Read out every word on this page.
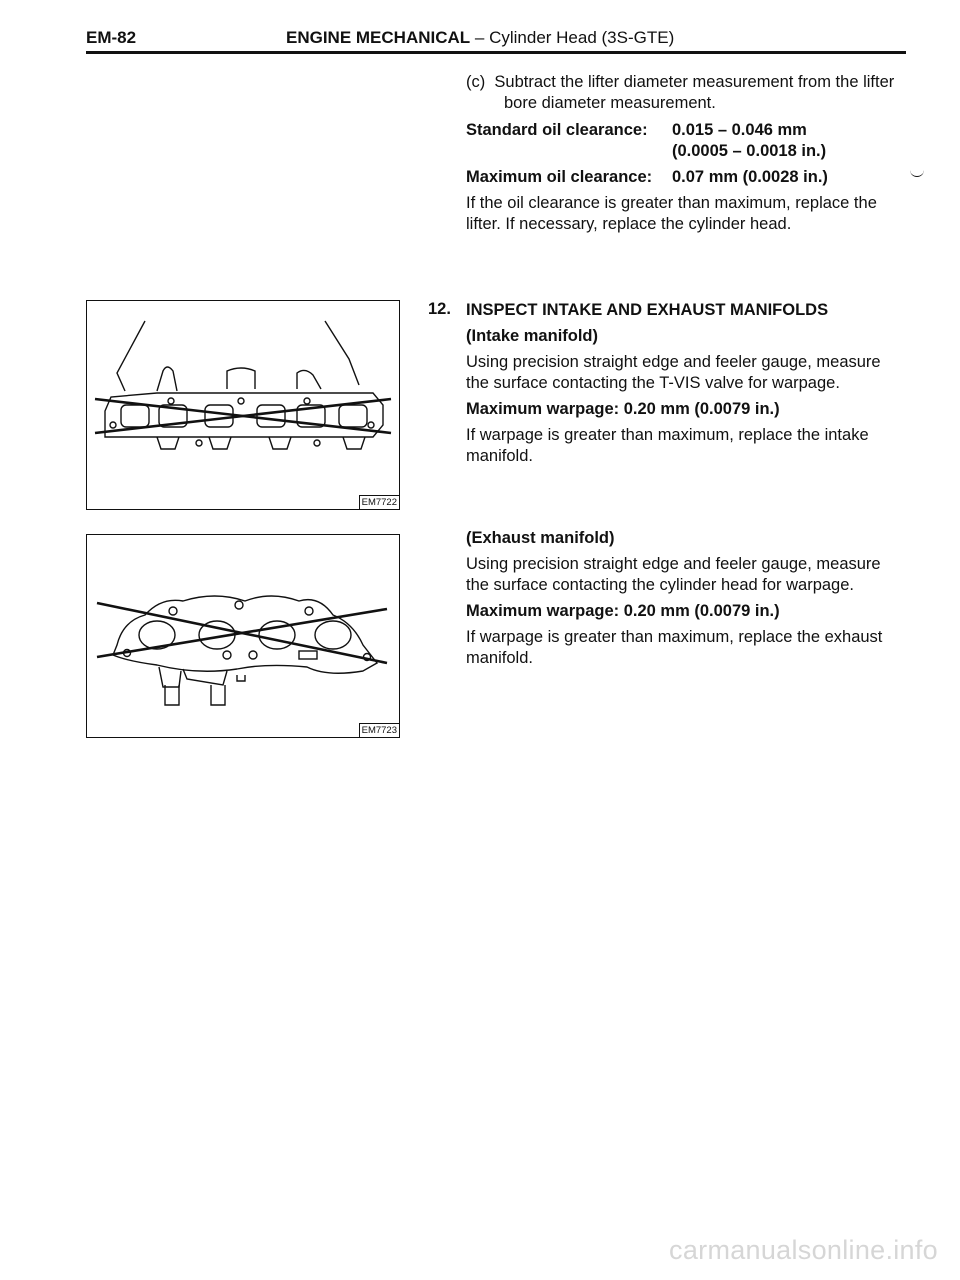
EM-82	ENGINE MECHANICAL – Cylinder Head (3S-GTE)

(c) Subtract the lifter diameter measurement from the lifter bore diameter measurement.

Standard oil clearance:	0.015 – 0.046 mm
(0.0005 – 0.0018 in.)
Maximum oil clearance:	0.07 mm (0.0028 in.)

If the oil clearance is greater than maximum, replace the lifter. If necessary, replace the cylinder head.

12. INSPECT INTAKE AND EXHAUST MANIFOLDS

(Intake manifold)

Using precision straight edge and feeler gauge, measure the surface contacting the T-VIS valve for warpage.

Maximum warpage: 0.20 mm (0.0079 in.)

If warpage is greater than maximum, replace the intake manifold.

(Exhaust manifold)

Using precision straight edge and feeler gauge, measure the surface contacting the cylinder head for warpage.

Maximum warpage: 0.20 mm (0.0079 in.)

If warpage is greater than maximum, replace the exhaust manifold.

EM7722
EM7723
carmanualsonline.info
